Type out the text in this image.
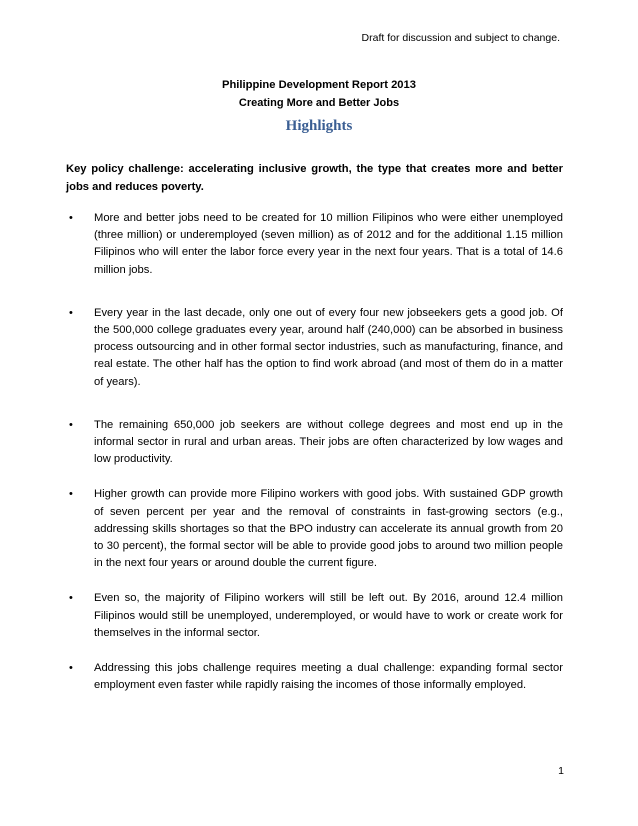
Draft for discussion and subject to change.
Philippine Development Report 2013
Creating More and Better Jobs
Highlights

Key policy challenge: accelerating inclusive growth, the type that creates more and better jobs and reduces poverty.

• More and better jobs need to be created for 10 million Filipinos who were either unemployed (three million) or underemployed (seven million) as of 2012 and for the additional 1.15 million Filipinos who will enter the labor force every year in the next four years. That is a total of 14.6 million jobs.
• Every year in the last decade, only one out of every four new jobseekers gets a good job. Of the 500,000 college graduates every year, around half (240,000) can be absorbed in business process outsourcing and in other formal sector industries, such as manufacturing, finance, and real estate. The other half has the option to find work abroad (and most of them do in a matter of years).
• The remaining 650,000 job seekers are without college degrees and most end up in the informal sector in rural and urban areas. Their jobs are often characterized by low wages and low productivity.
• Higher growth can provide more Filipino workers with good jobs. With sustained GDP growth of seven percent per year and the removal of constraints in fast-growing sectors (e.g., addressing skills shortages so that the BPO industry can accelerate its annual growth from 20 to 30 percent), the formal sector will be able to provide good jobs to around two million people in the next four years or around double the current figure.
• Even so, the majority of Filipino workers will still be left out. By 2016, around 12.4 million Filipinos would still be unemployed, underemployed, or would have to work or create work for themselves in the informal sector.
• Addressing this jobs challenge requires meeting a dual challenge: expanding formal sector employment even faster while rapidly raising the incomes of those informally employed.
1
